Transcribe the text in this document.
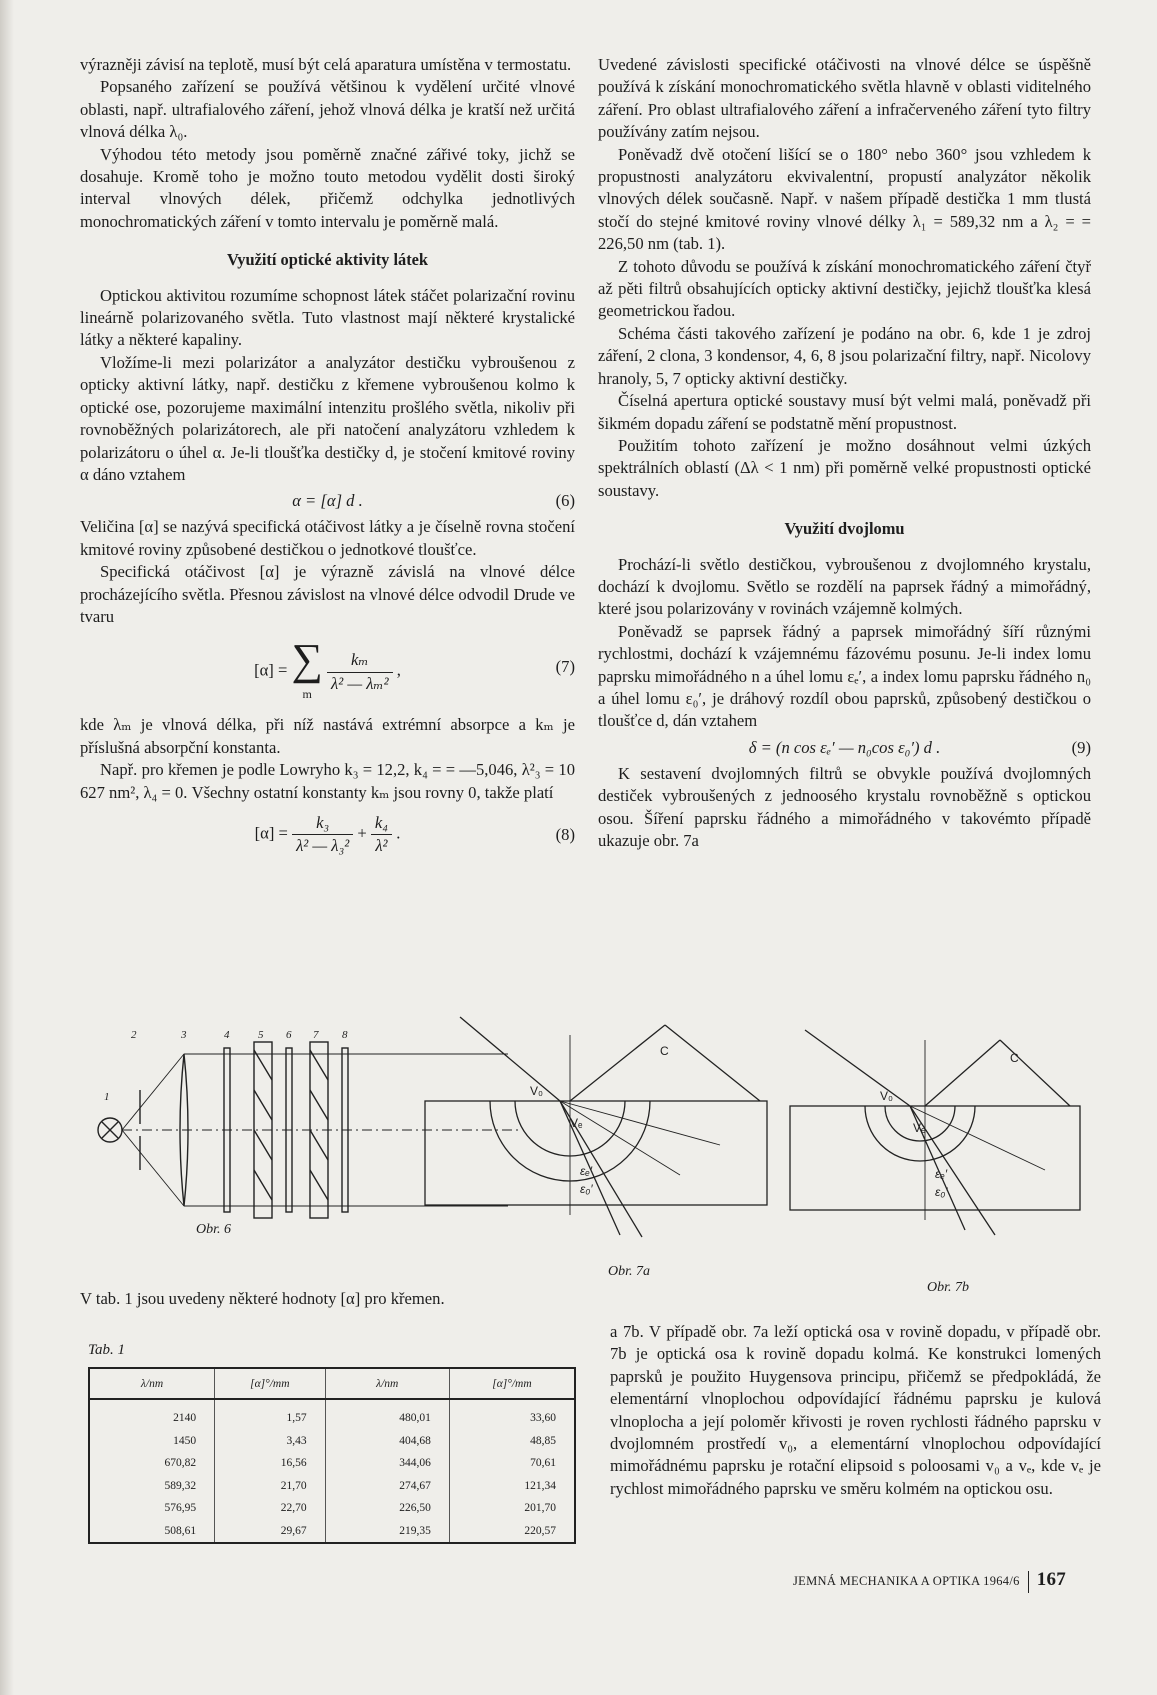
výrazněji závisí na teplotě, musí být celá aparatura umístěna v termostatu.

Popsaného zařízení se používá většinou k vydělení určité vlnové oblasti, např. ultrafialového záření, jehož vlnová délka je kratší než určitá vlnová délka λ₀.

Výhodou této metody jsou poměrně značné zářivé toky, jichž se dosahuje. Kromě toho je možno touto metodou vydělit dosti široký interval vlnových délek, přičemž odchylka jednotlivých monochromatických záření v tomto intervalu je poměrně malá.

Využití optické aktivity látek

Optickou aktivitou rozumíme schopnost látek stáčet polarizační rovinu lineárně polarizovaného světla. Tuto vlastnost mají některé krystalické látky a některé kapaliny.

Vložíme-li mezi polarizátor a analyzátor destičku vybroušenou z opticky aktivní látky, např. destičku z křemene vybroušenou kolmo k optické ose, pozorujeme maximální intenzitu prošlého světla, nikoliv při rovnoběžných polarizátorech, ale při natočení analyzátoru vzhledem k polarizátoru o úhel α. Je-li tloušťka destičky d, je stočení kmitové roviny α dáno vztahem

α = [α] d .	(6)

Veličina [α] se nazývá specifická otáčivost látky a je číselně rovna stočení kmitové roviny způsobené destičkou o jednotkové tloušťce.

Specifická otáčivost [α] je výrazně závislá na vlnové délce procházejícího světla. Přesnou závislost na vlnové délce odvodil Drude ve tvaru

[α] = ∑
m $\frac{\text{kₘ}}{\text{λ² — λₘ²}}$ ,	(7)

kde λₘ je vlnová délka, při níž nastává extrémní absorpce a kₘ je příslušná absorpční konstanta.

Např. pro křemen je podle Lowryho k₃ = 12,2, k₄ = = —5,046, λ²₃ = 10 627 nm², λ₄ = 0. Všechny ostatní konstanty kₘ jsou rovny 0, takže platí

$[\alpha] = \frac{\text{k₃}}{\text{λ² — λ₃²}} + \frac{\text{k₄}}{\text{λ²}}$ .	(8)

Uvedené závislosti specifické otáčivosti na vlnové délce se úspěšně používá k získání monochromatického světla hlavně v oblasti viditelného záření. Pro oblast ultrafialového záření a infračerveného záření tyto filtry používány zatím nejsou.

Poněvadž dvě otočení lišící se o 180° nebo 360° jsou vzhledem k propustnosti analyzátoru ekvivalentní, propustí analyzátor několik vlnových délek současně. Např. v našem případě destička 1 mm tlustá stočí do stejné kmitové roviny vlnové délky λ₁ = 589,32 nm a λ₂ = = 226,50 nm (tab. 1).

Z tohoto důvodu se používá k získání monochromatického záření čtyř až pěti filtrů obsahujících opticky aktivní destičky, jejichž tloušťka klesá geometrickou řadou.

Schéma části takového zařízení je podáno na obr. 6, kde 1 je zdroj záření, 2 clona, 3 kondensor, 4, 6, 8 jsou polarizační filtry, např. Nicolovy hranoly, 5, 7 opticky aktivní destičky.

Číselná apertura optické soustavy musí být velmi malá, poněvadž při šikmém dopadu záření se podstatně mění propustnost.

Použitím tohoto zařízení je možno dosáhnout velmi úzkých spektrálních oblastí (Δλ < 1 nm) při poměrně velké propustnosti optické soustavy.

Využití dvojlomu

Prochází-li světlo destičkou, vybroušenou z dvojlomného krystalu, dochází k dvojlomu. Světlo se rozdělí na paprsek řádný a mimořádný, které jsou polarizovány v rovinách vzájemně kolmých.

Poněvadž se paprsek řádný a paprsek mimořádný šíří různými rychlostmi, dochází k vzájemnému fázovému posunu. Je-li index lomu paprsku mimořádného n a úhel lomu εₑ′, a index lomu paprsku řádného n₀ a úhel lomu ε₀′, je dráhový rozdíl obou paprsků, způsobený destičkou o tloušťce d, dán vztahem

δ = (n cos εₑ′ — n₀cos ε₀′) d .	(9)

K sestavení dvojlomných filtrů se obvykle používá dvojlomných destiček vybroušených z jednoosého krystalu rovnoběžně s optickou osou. Šíření paprsku řádného a mimořádného v takovémto případě ukazuje obr. 7a

1
2	3	4	5 6 7 8
Obr. 6
C
V₀
Vₑ
εₑ′
ε₀′
Obr. 7a
C
V₀
Vₑ
εₑ′
ε₀′
Obr. 7b
V tab. 1 jsou uvedeny některé hodnoty [α] pro křemen.
Tab. 1
λ/nm	[α]°/mm	λ/nm	[α]°/mm
2140	1,57	480,01	33,60
1450	3,43	404,68	48,85
670,82	16,56	344,06	70,61
589,32	21,70	274,67	121,34
576,95	22,70	226,50	201,70
508,61	29,67	219,35	220,57

a 7b. V případě obr. 7a leží optická osa v rovině dopadu, v případě obr. 7b je optická osa k rovině dopadu kolmá. Ke konstrukci lomených paprsků je použito Huygensova principu, přičemž se předpokládá, že elementární vlnoplochou odpovídající řádnému paprsku je kulová vlnoplocha a její poloměr křivosti je roven rychlosti řádného paprsku v dvojlomném prostředí v₀, a elementární vlnoplochou odpovídající mimořádnému paprsku je rotační elipsoid s poloosami v₀ a vₑ, kde vₑ je rychlost mimořádného paprsku ve směru kolmém na optickou osu.

JEMNÁ MECHANIKA A OPTIKA 1964/6 167
